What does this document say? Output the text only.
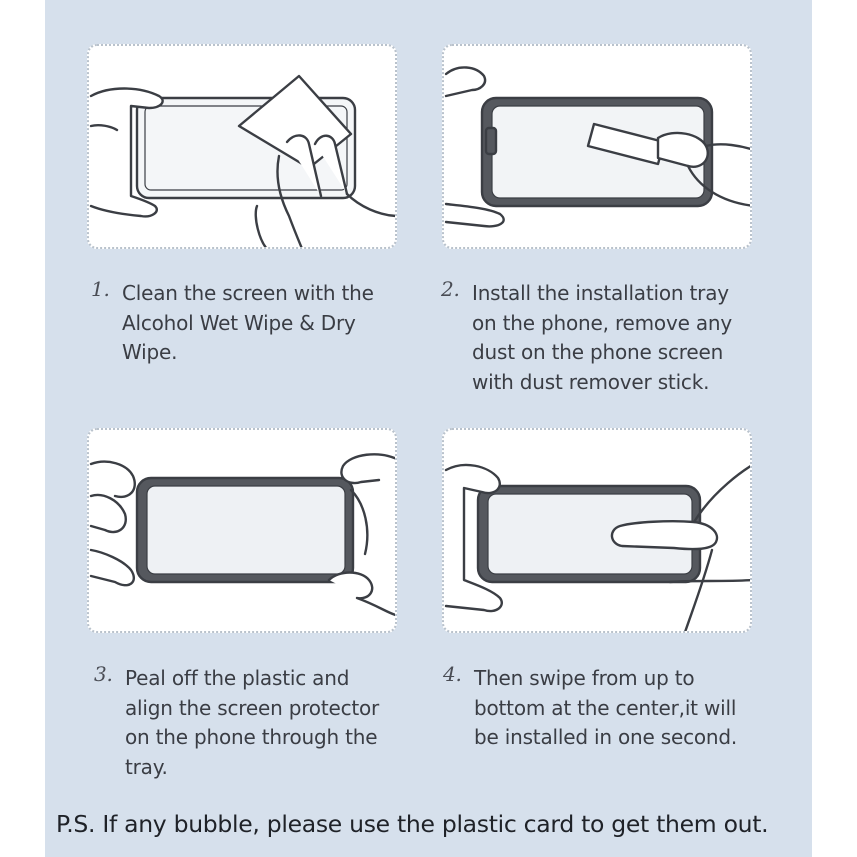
1. Clean the screen with the
Alcohol Wet Wipe & Dry
Wipe.
2. Install the installation tray
on the phone, remove any
dust on the phone screen
with dust remover stick.
3. Peal off the plastic and
align the screen protector
on the phone through the
tray.
4. Then swipe from up to
bottom at the center,it will
be installed in one second.
P.S. If any bubble, please use the plastic card to get them out.
